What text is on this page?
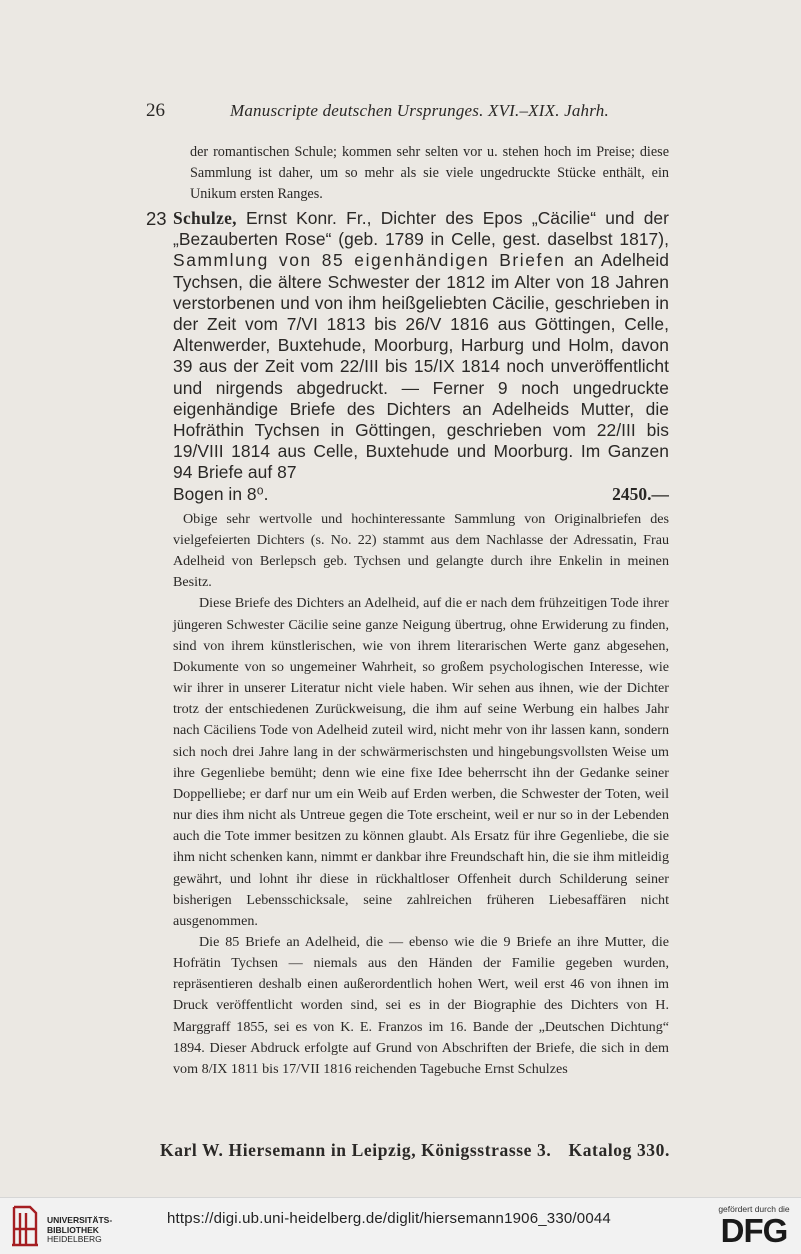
26	Manuscripte deutschen Ursprunges. XVI.–XIX. Jahrh.
der romantischen Schule; kommen sehr selten vor u. stehen hoch im Preise; diese Sammlung ist daher, um so mehr als sie viele ungedruckte Stücke enthält, ein Unikum ersten Ranges.
23 Schulze, Ernst Konr. Fr., Dichter des Epos „Cäcilie“ und der „Bezauberten Rose“ (geb. 1789 in Celle, gest. daselbst 1817), Sammlung von 85 eigenhändigen Briefen an Adelheid Tychsen, die ältere Schwester der 1812 im Alter von 18 Jahren verstorbenen und von ihm heißgeliebten Cäcilie, geschrieben in der Zeit vom 7/VI 1813 bis 26/V 1816 aus Göttingen, Celle, Altenwerder, Buxtehude, Moorburg, Harburg und Holm, davon 39 aus der Zeit vom 22/III bis 15/IX 1814 noch unveröffentlicht und nirgends abgedruckt. — Ferner 9 noch ungedruckte eigenhändige Briefe des Dichters an Adelheids Mutter, die Hofräthin Tychsen in Göttingen, geschrieben vom 22/III bis 19/VIII 1814 aus Celle, Buxtehude und Moorburg. Im Ganzen 94 Briefe auf 87
Bogen in 8⁰.	2450.—

Obige sehr wertvolle und hochinteressante Sammlung von Originalbriefen des vielgefeierten Dichters (s. No. 22) stammt aus dem Nachlasse der Adressatin, Frau Adelheid von Berlepsch geb. Tychsen und gelangte durch ihre Enkelin in meinen Besitz.

Diese Briefe des Dichters an Adelheid, auf die er nach dem frühzeitigen Tode ihrer jüngeren Schwester Cäcilie seine ganze Neigung übertrug, ohne Erwiderung zu finden, sind von ihrem künstlerischen, wie von ihrem literarischen Werte ganz abgesehen, Dokumente von so ungemeiner Wahrheit, so großem psychologischen Interesse, wie wir ihrer in unserer Literatur nicht viele haben. Wir sehen aus ihnen, wie der Dichter trotz der entschiedenen Zurückweisung, die ihm auf seine Werbung ein halbes Jahr nach Cäciliens Tode von Adelheid zuteil wird, nicht mehr von ihr lassen kann, sondern sich noch drei Jahre lang in der schwärmerischsten und hingebungsvollsten Weise um ihre Gegenliebe bemüht; denn wie eine fixe Idee beherrscht ihn der Gedanke seiner Doppelliebe; er darf nur um ein Weib auf Erden werben, die Schwester der Toten, weil nur dies ihm nicht als Untreue gegen die Tote erscheint, weil er nur so in der Lebenden auch die Tote immer besitzen zu können glaubt. Als Ersatz für ihre Gegenliebe, die sie ihm nicht schenken kann, nimmt er dankbar ihre Freundschaft hin, die sie ihm mitleidig gewährt, und lohnt ihr diese in rückhaltloser Offenheit durch Schilderung seiner bisherigen Lebensschicksale, seine zahlreichen früheren Liebesaffären nicht ausgenommen.

Die 85 Briefe an Adelheid, die — ebenso wie die 9 Briefe an ihre Mutter, die Hofrätin Tychsen — niemals aus den Händen der Familie gegeben wurden, repräsentieren deshalb einen außerordentlich hohen Wert, weil erst 46 von ihnen im Druck veröffentlicht worden sind, sei es in der Biographie des Dichters von H. Marggraff 1855, sei es von K. E. Franzos im 16. Bande der „Deutschen Dichtung“ 1894. Dieser Abdruck erfolgte auf Grund von Abschriften der Briefe, die sich in dem vom 8/IX 1811 bis 17/VII 1816 reichenden Tagebuche Ernst Schulzes

Karl W. Hiersemann in Leipzig, Königsstrasse 3. Katalog 330.
UNIVERSITÄTS-
BIBLIOTHEK
HEIDELBERG
https://digi.ub.uni-heidelberg.de/diglit/hiersemann1906_330/0044
gefördert durch die
DFG
